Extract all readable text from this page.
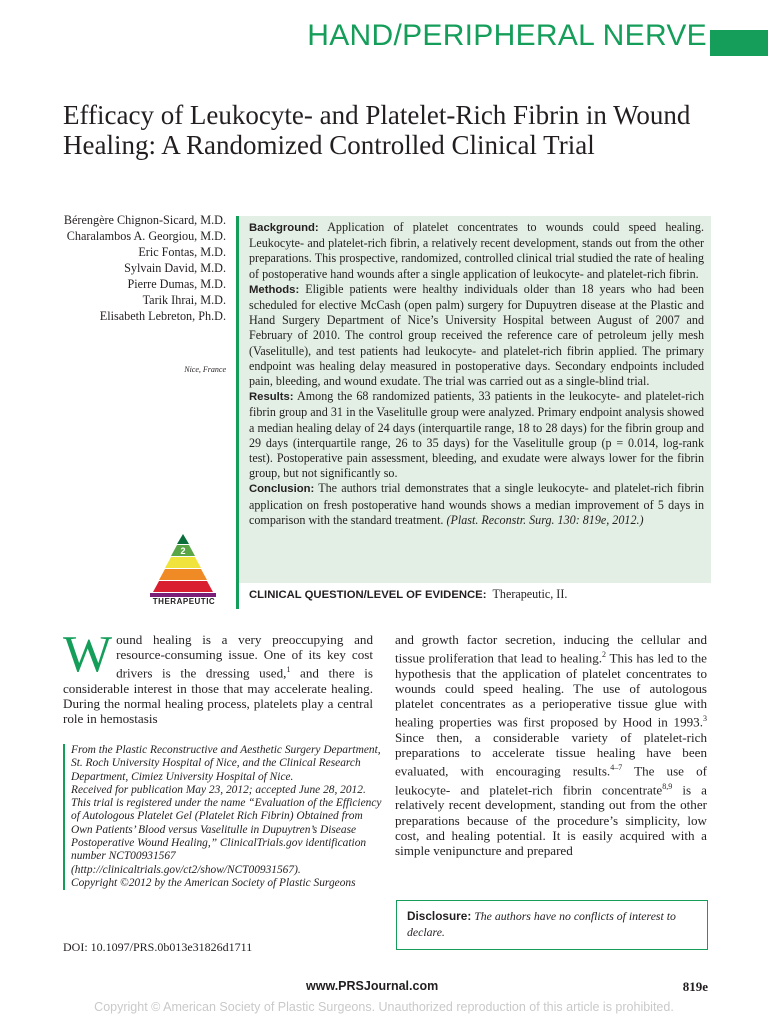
HAND/PERIPHERAL NERVE
Efficacy of Leukocyte- and Platelet-Rich Fibrin in Wound Healing: A Randomized Controlled Clinical Trial
Bérengère Chignon-Sicard, M.D.
Charalambos A. Georgiou, M.D.
Eric Fontas, M.D.
Sylvain David, M.D.
Pierre Dumas, M.D.
Tarik Ihrai, M.D.
Elisabeth Lebreton, Ph.D.
Nice, France

Background: Application of platelet concentrates to wounds could speed healing. Leukocyte- and platelet-rich fibrin, a relatively recent development, stands out from the other preparations. This prospective, randomized, controlled clinical trial studied the rate of healing of postoperative hand wounds after a single application of leukocyte- and platelet-rich fibrin.

Methods: Eligible patients were healthy individuals older than 18 years who had been scheduled for elective McCash (open palm) surgery for Dupuytren disease at the Plastic and Hand Surgery Department of Nice’s University Hospital between August of 2007 and February of 2010. The control group received the reference care of petroleum jelly mesh (Vaselitulle), and test patients had leukocyte- and platelet-rich fibrin applied. The primary endpoint was healing delay measured in postoperative days. Secondary endpoints included pain, bleeding, and wound exudate. The trial was carried out as a single-blind trial.

Results: Among the 68 randomized patients, 33 patients in the leukocyte- and platelet-rich fibrin group and 31 in the Vaselitulle group were analyzed. Primary endpoint analysis showed a median healing delay of 24 days (interquartile range, 18 to 28 days) for the fibrin group and 29 days (interquartile range, 26 to 35 days) for the Vaselitulle group (p = 0.014, log-rank test). Postoperative pain assessment, bleeding, and exudate were always lower for the fibrin group, but not significantly so.

Conclusion: The authors trial demonstrates that a single leukocyte- and platelet-rich fibrin application on fresh postoperative hand wounds shows a median improvement of 5 days in comparison with the standard treatment. (Plast. Reconstr. Surg. 130: 819e, 2012.)

CLINICAL QUESTION/LEVEL OF EVIDENCE: Therapeutic, II.
2
THERAPEUTIC

Wound healing is a very preoccupying and resource-consuming issue. One of its key cost drivers is the dressing used,$^1$ and there is considerable interest in those that may accelerate healing. During the normal healing process, platelets play a central role in hemostasis

From the Plastic Reconstructive and Aesthetic Surgery Department, St. Roch University Hospital of Nice, and the Clinical Research Department, Cimiez University Hospital of Nice.

Received for publication May 23, 2012; accepted June 28, 2012.

This trial is registered under the name “Evaluation of the Efficiency of Autologous Platelet Gel (Platelet Rich Fibrin) Obtained from Own Patients’ Blood versus Vaselitulle in Dupuytren’s Disease Postoperative Wound Healing,” ClinicalTrials.gov identification number NCT00931567 (http://clinicaltrials.gov/ct2/show/NCT00931567).

Copyright ©2012 by the American Society of Plastic Surgeons

DOI: 10.1097/PRS.0b013e31826d1711

and growth factor secretion, inducing the cellular and tissue proliferation that lead to healing.$^2$ This has led to the hypothesis that the application of platelet concentrates to wounds could speed healing. The use of autologous platelet concentrates as a perioperative tissue glue with healing properties was first proposed by Hood in 1993.$^3$ Since then, a considerable variety of platelet-rich preparations to accelerate tissue healing have been evaluated, with encouraging results.$^{4-7}$ The use of leukocyte- and platelet-rich fibrin concentrate$^{8,9}$ is a relatively recent development, standing out from the other preparations because of the procedure’s simplicity, low cost, and healing potential. It is easily acquired with a simple venipuncture and prepared

Disclosure: The authors have no conflicts of interest to declare.
www.PRSJournal.com	819e
Copyright © American Society of Plastic Surgeons. Unauthorized reproduction of this article is prohibited.
